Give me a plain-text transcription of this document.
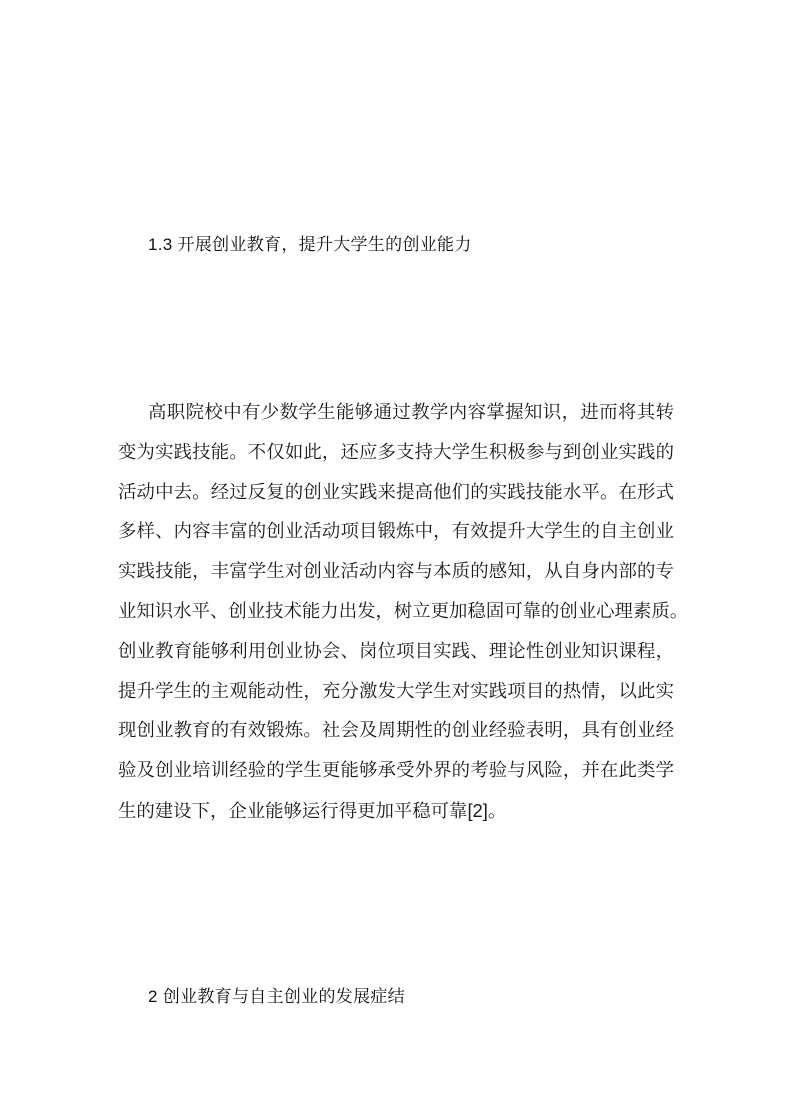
1.3 开展创业教育，提升大学生的创业能力
高职院校中有少数学生能够通过教学内容掌握知识，进而将其转
变为实践技能。不仅如此，还应多支持大学生积极参与到创业实践的
活动中去。经过反复的创业实践来提高他们的实践技能水平。在形式
多样、内容丰富的创业活动项目锻炼中，有效提升大学生的自主创业
实践技能，丰富学生对创业活动内容与本质的感知，从自身内部的专
业知识水平、创业技术能力出发，树立更加稳固可靠的创业心理素质。
创业教育能够利用创业协会、岗位项目实践、理论性创业知识课程，
提升学生的主观能动性，充分激发大学生对实践项目的热情，以此实
现创业教育的有效锻炼。社会及周期性的创业经验表明，具有创业经
验及创业培训经验的学生更能够承受外界的考验与风险，并在此类学
生的建设下，企业能够运行得更加平稳可靠[2]。
2 创业教育与自主创业的发展症结
